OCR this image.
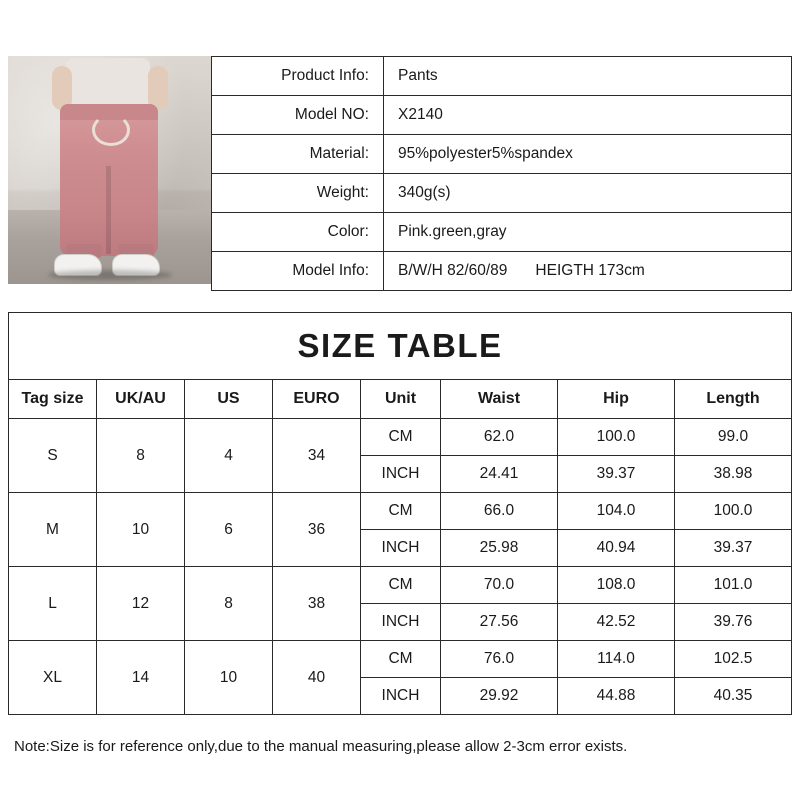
Product Info:	Pants
Model NO:	X2140
Material:	95%polyester5%spandex
Weight:	340g(s)
Color:	Pink.green,gray
Model Info:	B/W/H 82/60/89 HEIGTH 173cm
SIZE TABLE
Tag size	UK/AU	US	EURO	Unit	Waist	Hip	Length
S	8	4	34	CM	62.0	100.0	99.0
				INCH	24.41	39.37	38.98
M	10	6	36	CM	66.0	104.0	100.0
				INCH	25.98	40.94	39.37
L	12	8	38	CM	70.0	108.0	101.0
				INCH	27.56	42.52	39.76
XL	14	10	40	CM	76.0	114.0	102.5
				INCH	29.92	44.88	40.35
Note:Size is for reference only,due to the manual measuring,please allow 2-3cm error exists.
